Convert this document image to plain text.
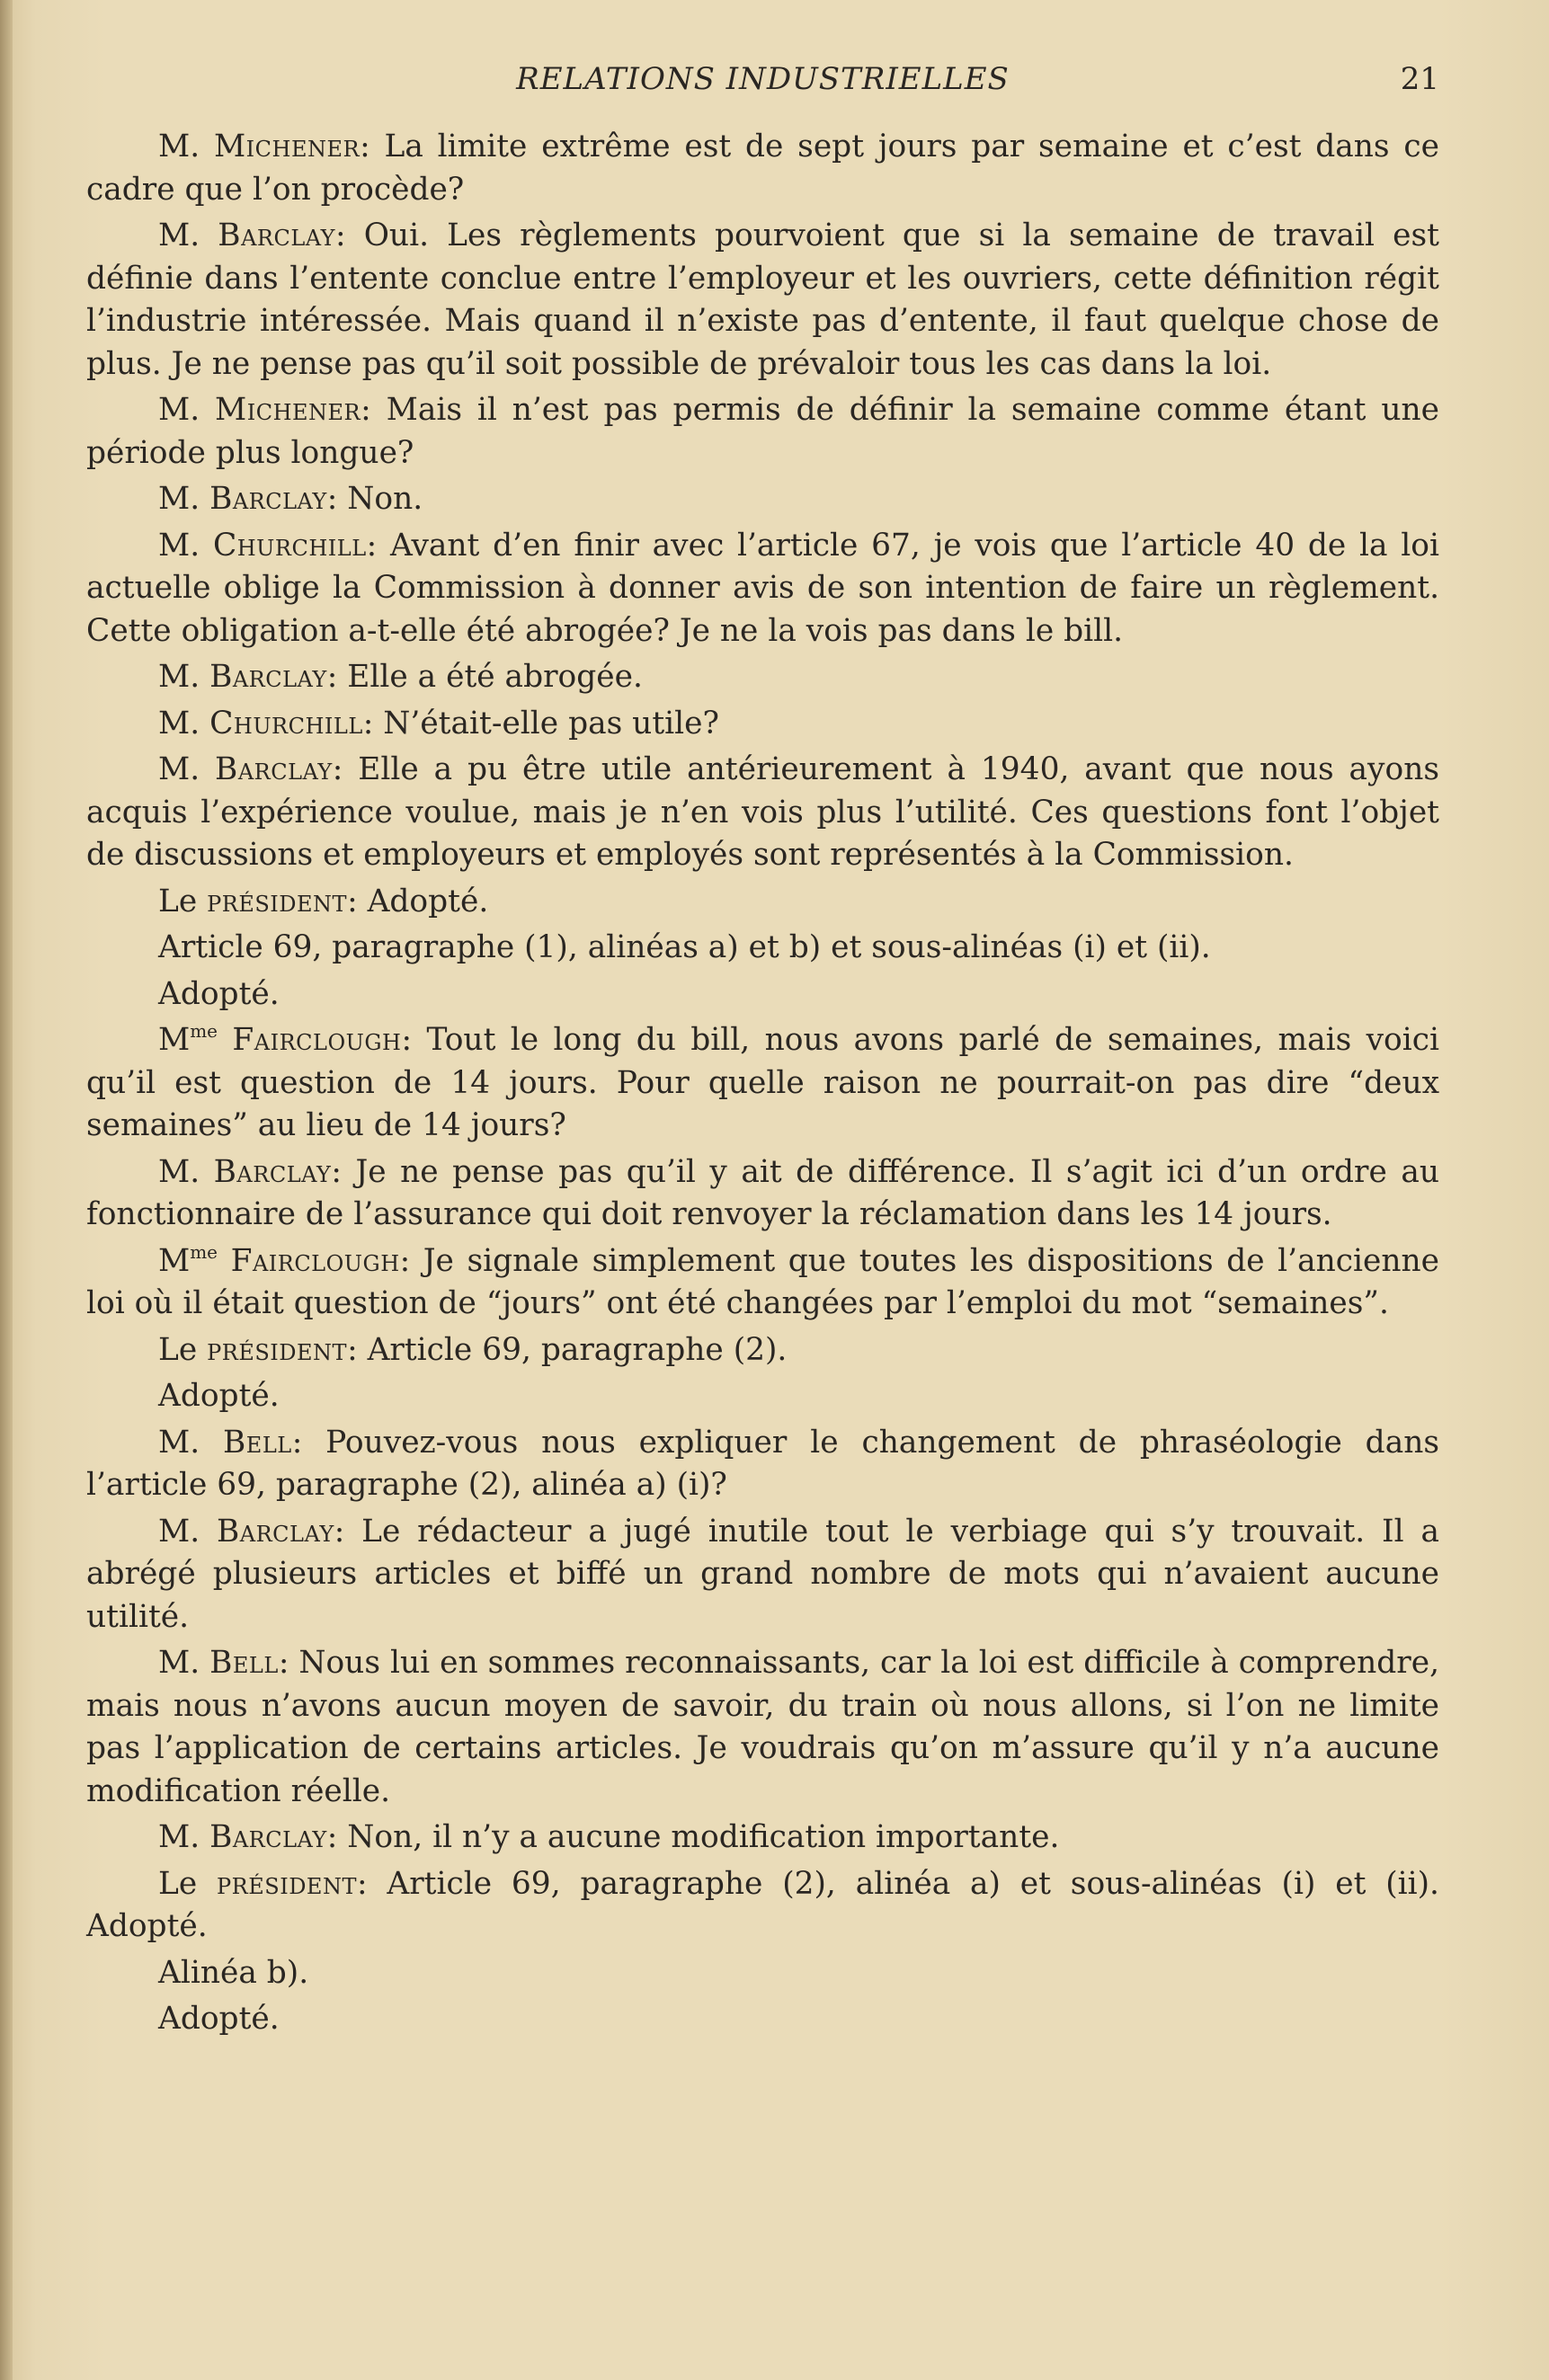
RELATIONS INDUSTRIELLES	21

M. Michener: La limite extrême est de sept jours par semaine et c’est dans ce cadre que l’on procède?

M. Barclay: Oui. Les règlements pourvoient que si la semaine de travail est définie dans l’entente conclue entre l’employeur et les ouvriers, cette définition régit l’industrie intéressée. Mais quand il n’existe pas d’entente, il faut quelque chose de plus. Je ne pense pas qu’il soit possible de prévaloir tous les cas dans la loi.

M. Michener: Mais il n’est pas permis de définir la semaine comme étant une période plus longue?

M. Barclay: Non.

M. Churchill: Avant d’en finir avec l’article 67, je vois que l’article 40 de la loi actuelle oblige la Commission à donner avis de son intention de faire un règlement. Cette obligation a-t-elle été abrogée? Je ne la vois pas dans le bill.

M. Barclay: Elle a été abrogée.

M. Churchill: N’était-elle pas utile?

M. Barclay: Elle a pu être utile antérieurement à 1940, avant que nous ayons acquis l’expérience voulue, mais je n’en vois plus l’utilité. Ces questions font l’objet de discussions et employeurs et employés sont représentés à la Commission.

Le président: Adopté.

Article 69, paragraphe (1), alinéas a) et b) et sous-alinéas (i) et (ii).

Adopté.

$M^{me}$ Fairclough: Tout le long du bill, nous avons parlé de semaines, mais voici qu’il est question de 14 jours. Pour quelle raison ne pourrait-on pas dire “deux semaines” au lieu de 14 jours?

M. Barclay: Je ne pense pas qu’il y ait de différence. Il s’agit ici d’un ordre au fonctionnaire de l’assurance qui doit renvoyer la réclamation dans les 14 jours.

$M^{me}$ Fairclough: Je signale simplement que toutes les dispositions de l’ancienne loi où il était question de “jours” ont été changées par l’emploi du mot “semaines”.

Le président: Article 69, paragraphe (2).

Adopté.

M. Bell: Pouvez-vous nous expliquer le changement de phraséologie dans l’article 69, paragraphe (2), alinéa a) (i)?

M. Barclay: Le rédacteur a jugé inutile tout le verbiage qui s’y trouvait. Il a abrégé plusieurs articles et biffé un grand nombre de mots qui n’avaient aucune utilité.

M. Bell: Nous lui en sommes reconnaissants, car la loi est difficile à comprendre, mais nous n’avons aucun moyen de savoir, du train où nous allons, si l’on ne limite pas l’application de certains articles. Je voudrais qu’on m’assure qu’il y n’a aucune modification réelle.

M. Barclay: Non, il n’y a aucune modification importante.

Le président: Article 69, paragraphe (2), alinéa a) et sous-alinéas (i) et (ii). Adopté.

Alinéa b).

Adopté.
